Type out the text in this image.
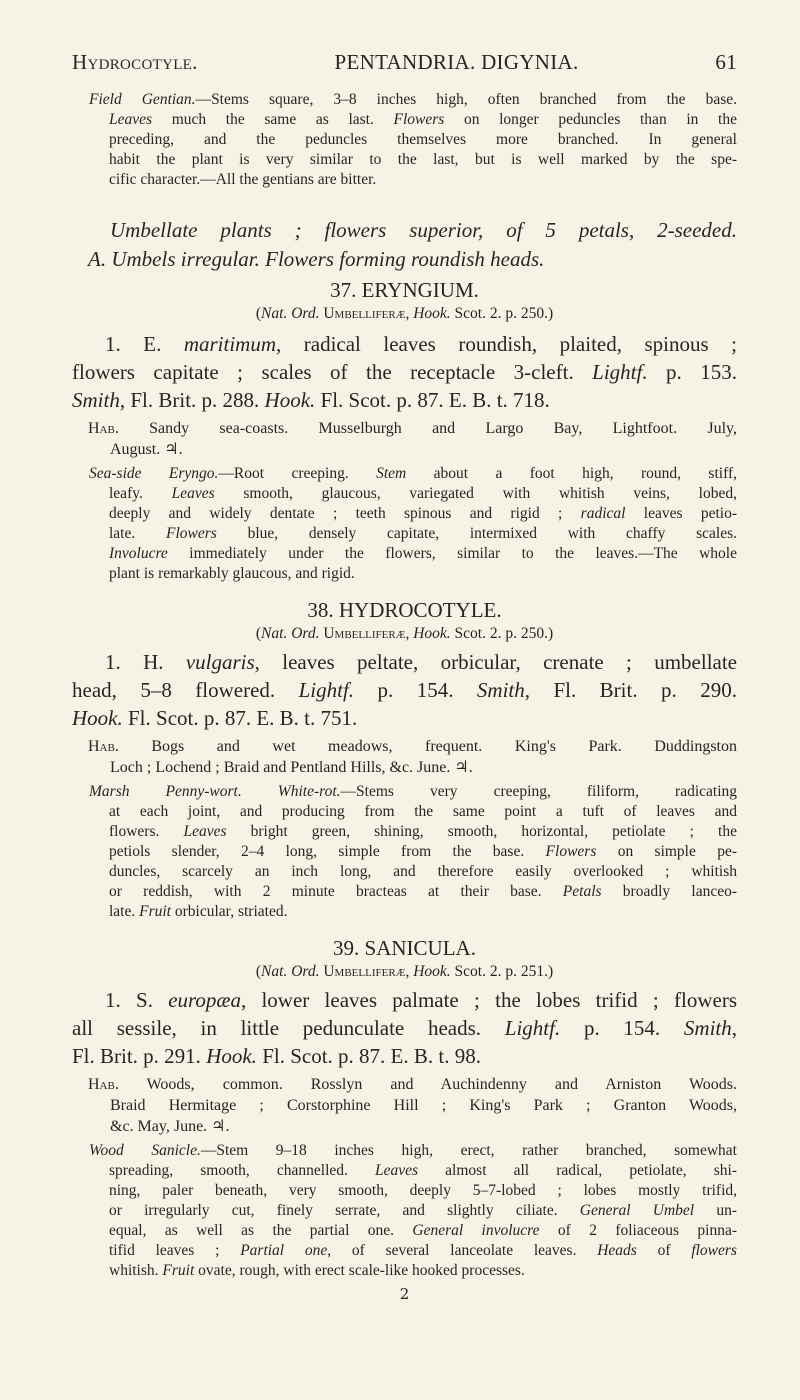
Hydrocotyle.	PENTANDRIA. DIGYNIA.	61
Field Gentian.—Stems square, 3–8 inches high, often branched from the base.
Leaves much the same as last. Flowers on longer peduncles than in the
preceding, and the peduncles themselves more branched. In general
habit the plant is very similar to the last, but is well marked by the spe-
cific character.—All the gentians are bitter.
Umbellate plants ; flowers superior, of 5 petals, 2-seeded.
A. Umbels irregular. Flowers forming roundish heads.
37. ERYNGIUM.
(Nat. Ord. Umbelliferæ, Hook. Scot. 2. p. 250.)
1. E. maritimum, radical leaves roundish, plaited, spinous ;
flowers capitate ; scales of the receptacle 3-cleft. Lightf. p. 153.
Smith, Fl. Brit. p. 288. Hook. Fl. Scot. p. 87. E. B. t. 718.
Hab. Sandy sea-coasts. Musselburgh and Largo Bay, Lightfoot. July,
August. ♃.
Sea-side Eryngo.—Root creeping. Stem about a foot high, round, stiff,
leafy. Leaves smooth, glaucous, variegated with whitish veins, lobed,
deeply and widely dentate ; teeth spinous and rigid ; radical leaves petio-
late. Flowers blue, densely capitate, intermixed with chaffy scales.
Involucre immediately under the flowers, similar to the leaves.—The whole
plant is remarkably glaucous, and rigid.
38. HYDROCOTYLE.
(Nat. Ord. Umbelliferæ, Hook. Scot. 2. p. 250.)
1. H. vulgaris, leaves peltate, orbicular, crenate ; umbellate
head, 5–8 flowered. Lightf. p. 154. Smith, Fl. Brit. p. 290.
Hook. Fl. Scot. p. 87. E. B. t. 751.
Hab. Bogs and wet meadows, frequent. King's Park. Duddingston
Loch ; Lochend ; Braid and Pentland Hills, &c. June. ♃.
Marsh Penny-wort. White-rot.—Stems very creeping, filiform, radicating
at each joint, and producing from the same point a tuft of leaves and
flowers. Leaves bright green, shining, smooth, horizontal, petiolate ; the
petiols slender, 2–4 long, simple from the base. Flowers on simple pe-
duncles, scarcely an inch long, and therefore easily overlooked ; whitish
or reddish, with 2 minute bracteas at their base. Petals broadly lanceo-
late. Fruit orbicular, striated.
39. SANICULA.
(Nat. Ord. Umbelliferæ, Hook. Scot. 2. p. 251.)
1. S. europæa, lower leaves palmate ; the lobes trifid ; flowers
all sessile, in little pedunculate heads. Lightf. p. 154. Smith,
Fl. Brit. p. 291. Hook. Fl. Scot. p. 87. E. B. t. 98.
Hab. Woods, common. Rosslyn and Auchindenny and Arniston Woods.
Braid Hermitage ; Corstorphine Hill ; King's Park ; Granton Woods,
&c. May, June. ♃.
Wood Sanicle.—Stem 9–18 inches high, erect, rather branched, somewhat
spreading, smooth, channelled. Leaves almost all radical, petiolate, shi-
ning, paler beneath, very smooth, deeply 5–7-lobed ; lobes mostly trifid,
or irregularly cut, finely serrate, and slightly ciliate. General Umbel un-
equal, as well as the partial one. General involucre of 2 foliaceous pinna-
tifid leaves ; Partial one, of several lanceolate leaves. Heads of flowers
whitish. Fruit ovate, rough, with erect scale-like hooked processes.
2
